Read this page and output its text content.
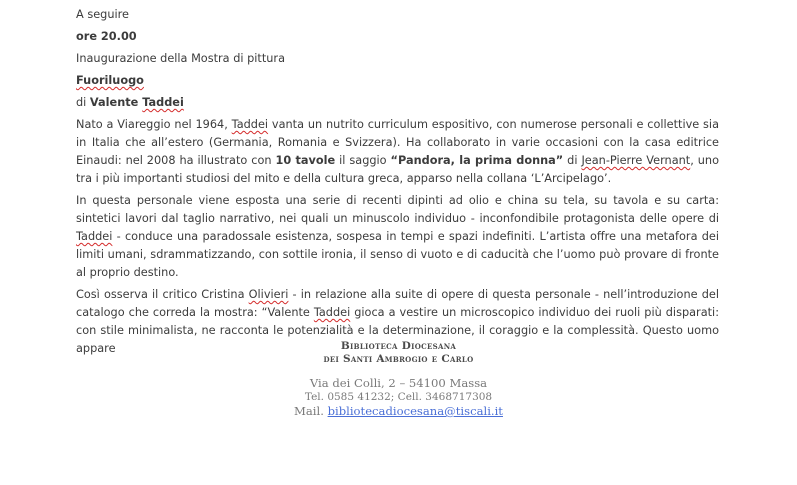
A seguire
ore 20.00
Inaugurazione della Mostra di pittura
Fuoriluogo
di Valente Taddei

Nato a Viareggio nel 1964, Taddei vanta un nutrito curriculum espositivo, con numerose personali e collettive sia in Italia che all’estero (Germania, Romania e Svizzera). Ha collaborato in varie occasioni con la casa editrice Einaudi: nel 2008 ha illustrato con 10 tavole il saggio “Pandora, la prima donna” di Jean-Pierre Vernant, uno tra i più importanti studiosi del mito e della cultura greca, apparso nella collana ‘L’Arcipelago’.

In questa personale viene esposta una serie di recenti dipinti ad olio e china su tela, su tavola e su carta: sintetici lavori dal taglio narrativo, nei quali un minuscolo individuo - inconfondibile protagonista delle opere di Taddei - conduce una paradossale esistenza, sospesa in tempi e spazi indefiniti. L’artista offre una metafora dei limiti umani, sdrammatizzando, con sottile ironia, il senso di vuoto e di caducità che l’uomo può provare di fronte al proprio destino.

Così osserva il critico Cristina Olivieri - in relazione alla suite di opere di questa personale - nell’introduzione del catalogo che correda la mostra: “Valente Taddei gioca a vestire un microscopico individuo dei ruoli più disparati: con stile minimalista, ne racconta le potenzialità e la determinazione, il coraggio e la complessità. Questo uomo appare	Biblioteca Diocesana
dei Santi Ambrogio e Carlo
Via dei Colli, 2 – 54100 Massa
Tel. 0585 41232; Cell. 3468717308
Mail. bibliotecadiocesana@tiscali.it
